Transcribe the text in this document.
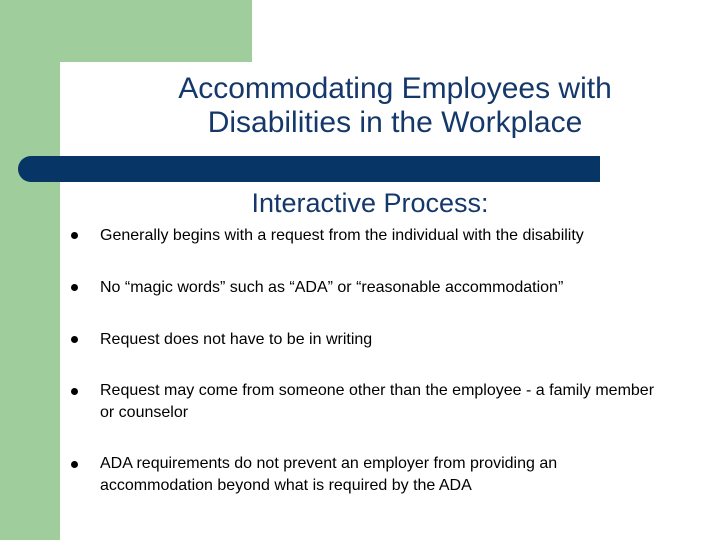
Accommodating Employees with
Disabilities in the Workplace
Interactive Process:
Generally begins with a request from the individual with the disability
No “magic words” such as “ADA” or “reasonable accommodation”
Request does not have to be in writing
Request may come from someone other than the employee - a family member or counselor
ADA requirements do not prevent an employer from providing an accommodation beyond what is required by the ADA
